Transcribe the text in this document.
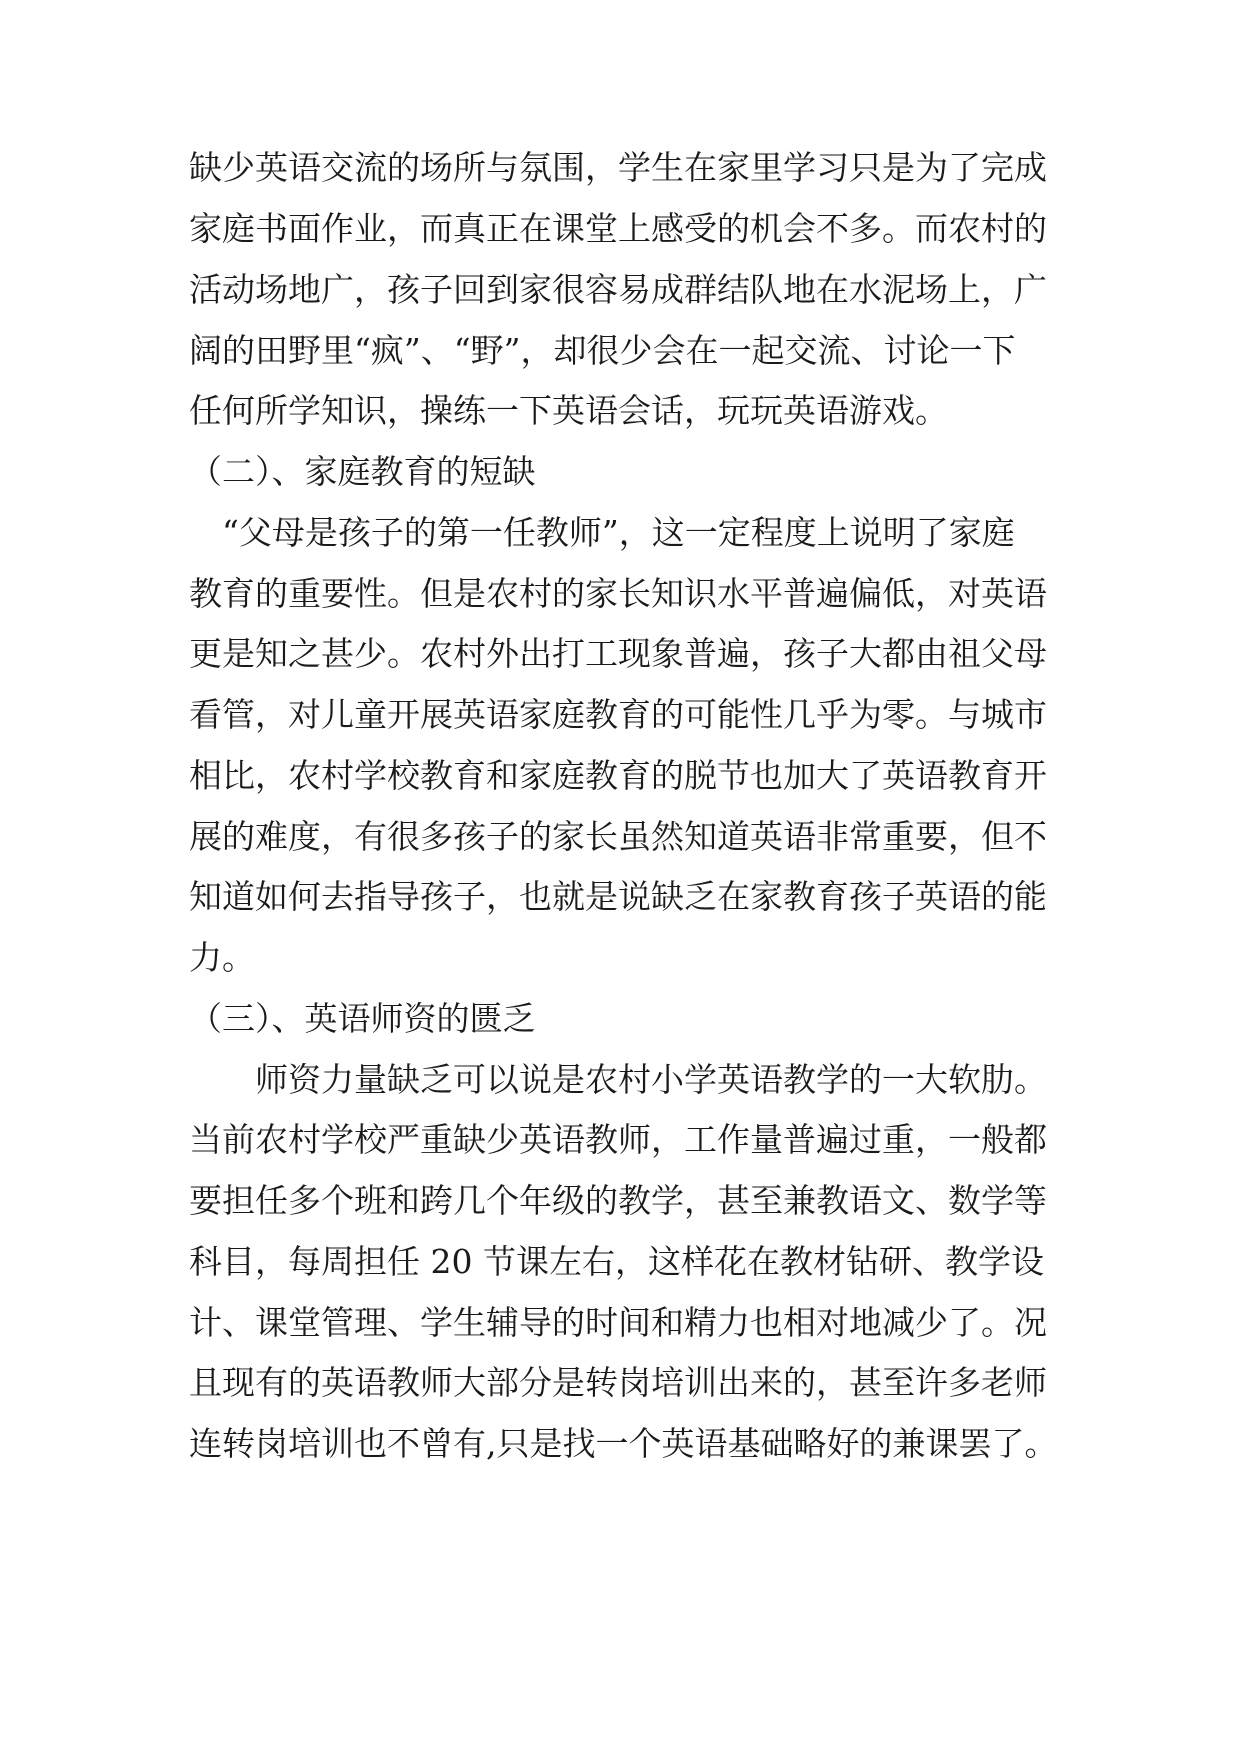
缺少英语交流的场所与氛围，学生在家里学习只是为了完成
家庭书面作业，而真正在课堂上感受的机会不多。而农村的
活动场地广，孩子回到家很容易成群结队地在水泥场上，广
阔的田野里“疯”、“野”，却很少会在一起交流、讨论一下
任何所学知识，操练一下英语会话，玩玩英语游戏。
（二）、家庭教育的短缺
　“父母是孩子的第一任教师”，这一定程度上说明了家庭
教育的重要性。但是农村的家长知识水平普遍偏低，对英语
更是知之甚少。农村外出打工现象普遍，孩子大都由祖父母
看管，对儿童开展英语家庭教育的可能性几乎为零。与城市
相比，农村学校教育和家庭教育的脱节也加大了英语教育开
展的难度，有很多孩子的家长虽然知道英语非常重要，但不
知道如何去指导孩子，也就是说缺乏在家教育孩子英语的能
力。
（三）、英语师资的匮乏
　　师资力量缺乏可以说是农村小学英语教学的一大软肋。
当前农村学校严重缺少英语教师，工作量普遍过重，一般都
要担任多个班和跨几个年级的教学，甚至兼教语文、数学等
科目，每周担任 20 节课左右，这样花在教材钻研、教学设
计、课堂管理、学生辅导的时间和精力也相对地减少了。况
且现有的英语教师大部分是转岗培训出来的，甚至许多老师
连转岗培训也不曾有,只是找一个英语基础略好的兼课罢了。
